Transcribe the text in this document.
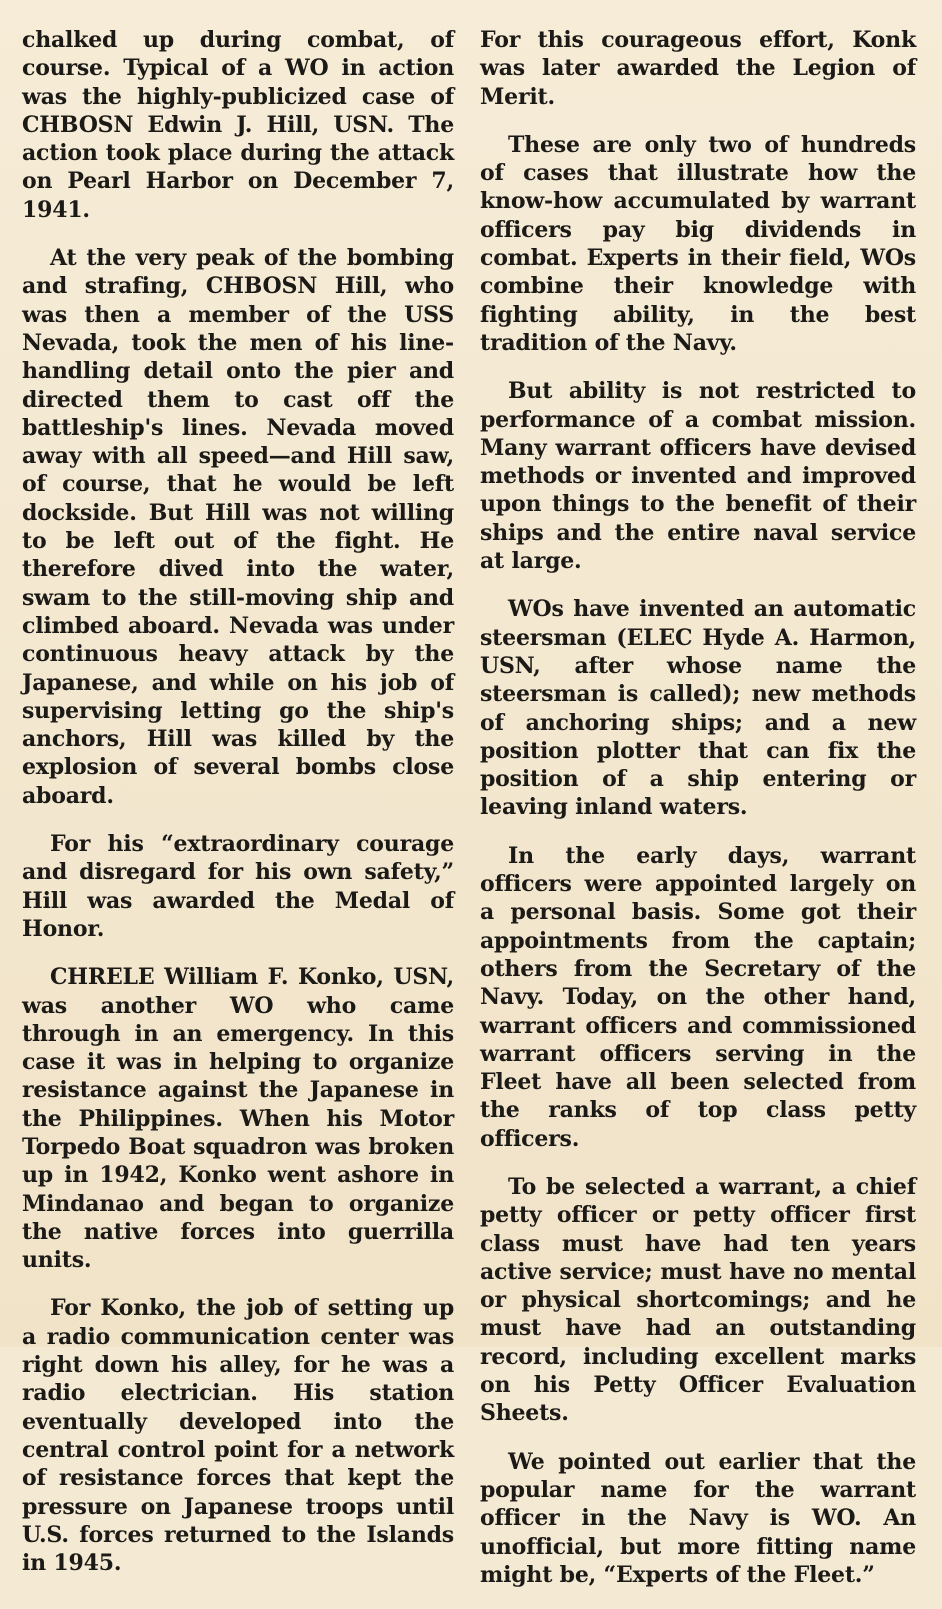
chalked up during combat, of course. Typical of a WO in action was the highly-publicized case of CHBOSN Edwin J. Hill, USN. The action took place during the attack on Pearl Harbor on December 7, 1941.

At the very peak of the bombing and strafing, CHBOSN Hill, who was then a member of the USS Nevada, took the men of his line-handling detail onto the pier and directed them to cast off the battleship's lines. Nevada moved away with all speed—and Hill saw, of course, that he would be left dockside. But Hill was not willing to be left out of the fight. He therefore dived into the water, swam to the still-moving ship and climbed aboard. Nevada was under continuous heavy attack by the Japanese, and while on his job of supervising letting go the ship's anchors, Hill was killed by the explosion of several bombs close aboard.

For his “extraordinary courage and disregard for his own safety,” Hill was awarded the Medal of Honor.

CHRELE William F. Konko, USN, was another WO who came through in an emergency. In this case it was in helping to organize resistance against the Japanese in the Philippines. When his Motor Torpedo Boat squadron was broken up in 1942, Konko went ashore in Mindanao and began to organize the native forces into guerrilla units.

For Konko, the job of setting up a radio communication center was right down his alley, for he was a radio electrician. His station eventually developed into the central control point for a network of resistance forces that kept the pressure on Japanese troops until U.S. forces returned to the Islands in 1945.

For this courageous effort, Konk was later awarded the Legion of Merit.

These are only two of hundreds of cases that illustrate how the know-how accumulated by warrant officers pay big dividends in combat. Experts in their field, WOs combine their knowledge with fighting ability, in the best tradition of the Navy.

But ability is not restricted to performance of a combat mission. Many warrant officers have devised methods or invented and improved upon things to the benefit of their ships and the entire naval service at large.

WOs have invented an automatic steersman (ELEC Hyde A. Harmon, USN, after whose name the steersman is called); new methods of anchoring ships; and a new position plotter that can fix the position of a ship entering or leaving inland waters.

In the early days, warrant officers were appointed largely on a personal basis. Some got their appointments from the captain; others from the Secretary of the Navy. Today, on the other hand, warrant officers and commissioned warrant officers serving in the Fleet have all been selected from the ranks of top class petty officers.

To be selected a warrant, a chief petty officer or petty officer first class must have had ten years active service; must have no mental or physical shortcomings; and he must have had an outstanding record, including excellent marks on his Petty Officer Evaluation Sheets.

We pointed out earlier that the popular name for the warrant officer in the Navy is WO. An unofficial, but more fitting name might be, “Experts of the Fleet.”
